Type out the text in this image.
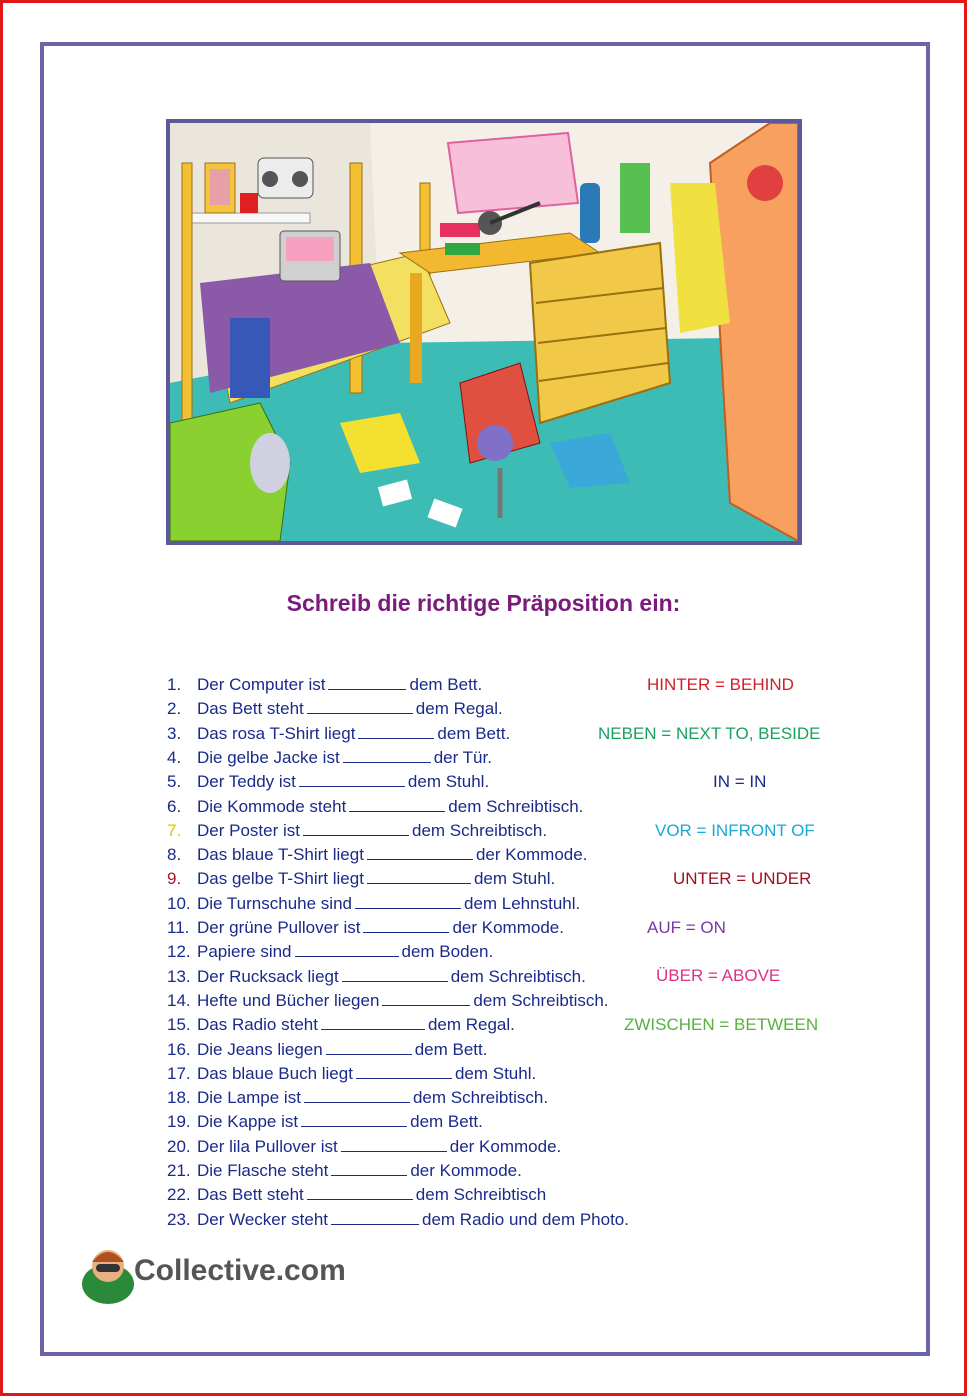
Schreib die richtige Präposition ein:
1. Der Computer ist	dem Bett.
2. Das Bett steht	dem Regal.
3. Das rosa T-Shirt liegt	dem Bett.
4. Die gelbe Jacke ist	der Tür.
5. Der Teddy ist	dem Stuhl.
6. Die Kommode steht	dem Schreibtisch.
7. Der Poster ist	dem Schreibtisch.
8. Das blaue T-Shirt liegt	der Kommode.
9. Das gelbe T-Shirt liegt	dem Stuhl.
10. Die Turnschuhe sind	dem Lehnstuhl.
11. Der grüne Pullover ist	der Kommode.
12. Papiere sind	dem Boden.
13. Der Rucksack liegt	dem Schreibtisch.
14. Hefte und Bücher liegen	dem Schreibtisch.
15. Das Radio steht	dem Regal.
16. Die Jeans liegen	dem Bett.
17. Das blaue Buch liegt	dem Stuhl.
18. Die Lampe ist	dem Schreibtisch.
19. Die Kappe ist	dem Bett.
20. Der lila Pullover ist	der Kommode.
21. Die Flasche steht	der Kommode.
22. Das Bett steht	dem Schreibtisch
23. Der Wecker steht	dem Radio und dem Photo.
HINTER = BEHIND
NEBEN = NEXT TO, BESIDE
IN = IN
VOR = INFRONT OF
UNTER = UNDER
AUF = ON
ÜBER = ABOVE
ZWISCHEN = BETWEEN
Collective.com
